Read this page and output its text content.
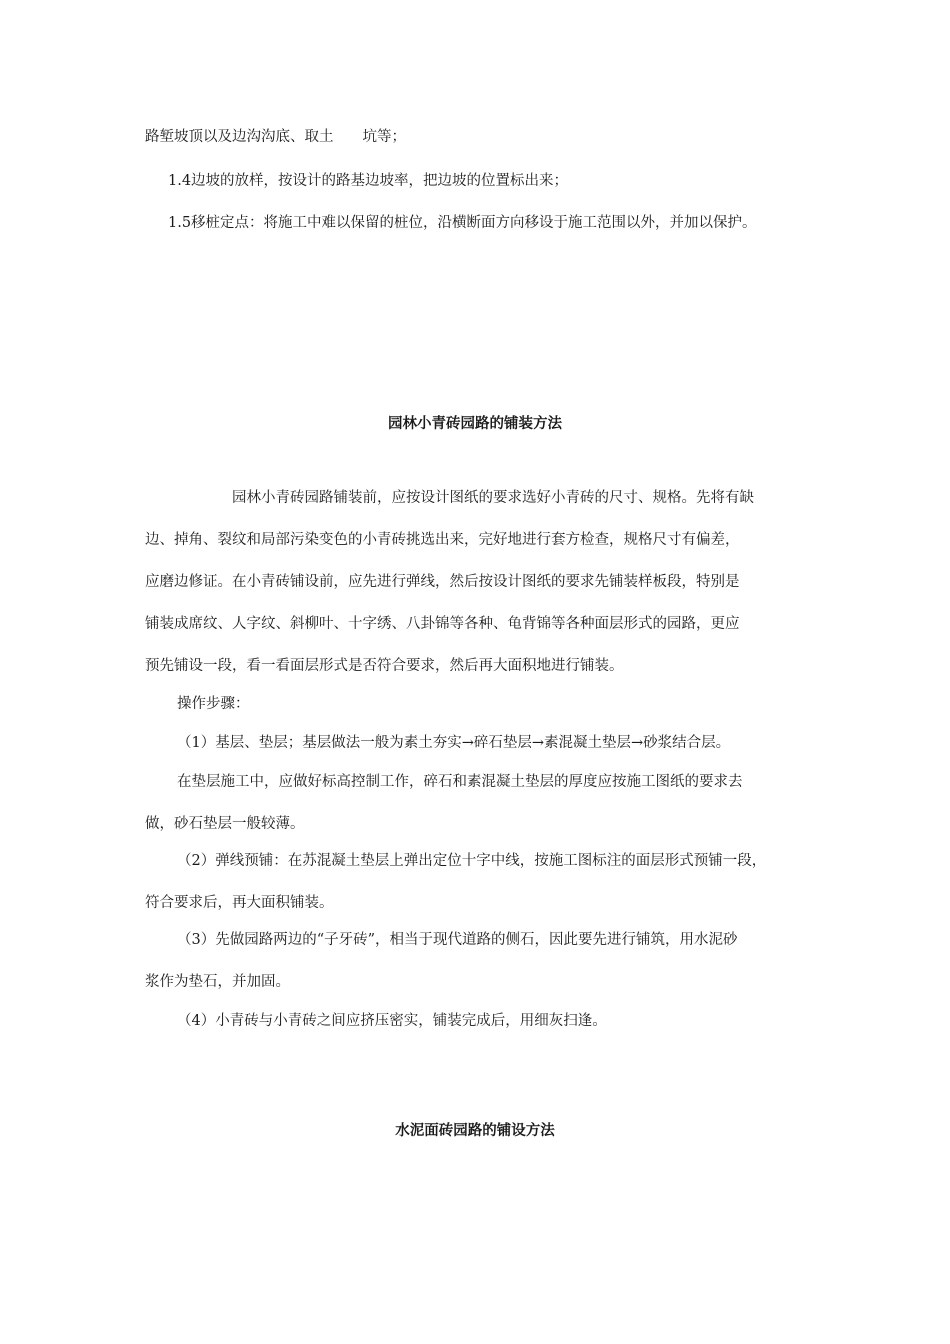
路堑坡顶以及边沟沟底、取土　　坑等；
1.4边坡的放样，按设计的路基边坡率，把边坡的位置标出来；
1.5移桩定点：将施工中难以保留的桩位，沿横断面方向移设于施工范围以外，并加以保护。
园林小青砖园路的铺装方法
园林小青砖园路铺装前，应按设计图纸的要求选好小青砖的尺寸、规格。先将有缺
边、掉角、裂纹和局部污染变色的小青砖挑选出来，完好地进行套方检查，规格尺寸有偏差，
应磨边修证。在小青砖铺设前，应先进行弹线，然后按设计图纸的要求先铺装样板段，特别是
铺装成席纹、人字纹、斜柳叶、十字绣、八卦锦等各种、龟背锦等各种面层形式的园路，更应
预先铺设一段，看一看面层形式是否符合要求，然后再大面积地进行铺装。
操作步骤：
（1）基层、垫层；基层做法一般为素土夯实→碎石垫层→素混凝土垫层→砂浆结合层。
在垫层施工中，应做好标高控制工作，碎石和素混凝土垫层的厚度应按施工图纸的要求去
做，砂石垫层一般较薄。
（2）弹线预铺：在苏混凝土垫层上弹出定位十字中线，按施工图标注的面层形式预铺一段，
符合要求后，再大面积铺装。
（3）先做园路两边的“子牙砖”，相当于现代道路的侧石，因此要先进行铺筑，用水泥砂
浆作为垫石，并加固。
（4）小青砖与小青砖之间应挤压密实，铺装完成后，用细灰扫逢。
水泥面砖园路的铺设方法
